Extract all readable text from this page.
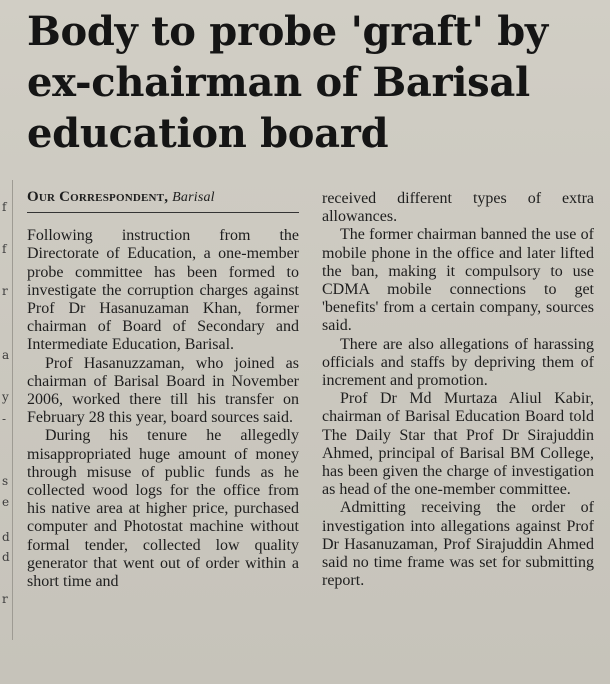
f
f
r
a
y
-
s
e
d
d
r
Body to probe 'graft' by ex-chairman of Barisal education board
Our Correspondent, Barisal

Following instruction from the Directorate of Education, a one-member probe committee has been formed to investigate the corruption charges against Prof Dr Hasanuzaman Khan, former chairman of Board of Secondary and Intermediate Education, Barisal.

Prof Hasanuzzaman, who joined as chairman of Barisal Board in November 2006, worked there till his transfer on February 28 this year, board sources said.

During his tenure he allegedly misappropriated huge amount of money through misuse of public funds as he collected wood logs for the office from his native area at higher price, purchased computer and Photostat machine without formal tender, collected low quality generator that went out of order within a short time and

received different types of extra allowances.

The former chairman banned the use of mobile phone in the office and later lifted the ban, making it compulsory to use CDMA mobile connections to get 'benefits' from a certain company, sources said.

There are also allegations of harassing officials and staffs by depriving them of increment and promotion.

Prof Dr Md Murtaza Aliul Kabir, chairman of Barisal Education Board told The Daily Star that Prof Dr Sirajuddin Ahmed, principal of Barisal BM College, has been given the charge of investigation as head of the one-member committee.

Admitting receiving the order of investigation into allegations against Prof Dr Hasanuzaman, Prof Sirajuddin Ahmed said no time frame was set for submitting report.
